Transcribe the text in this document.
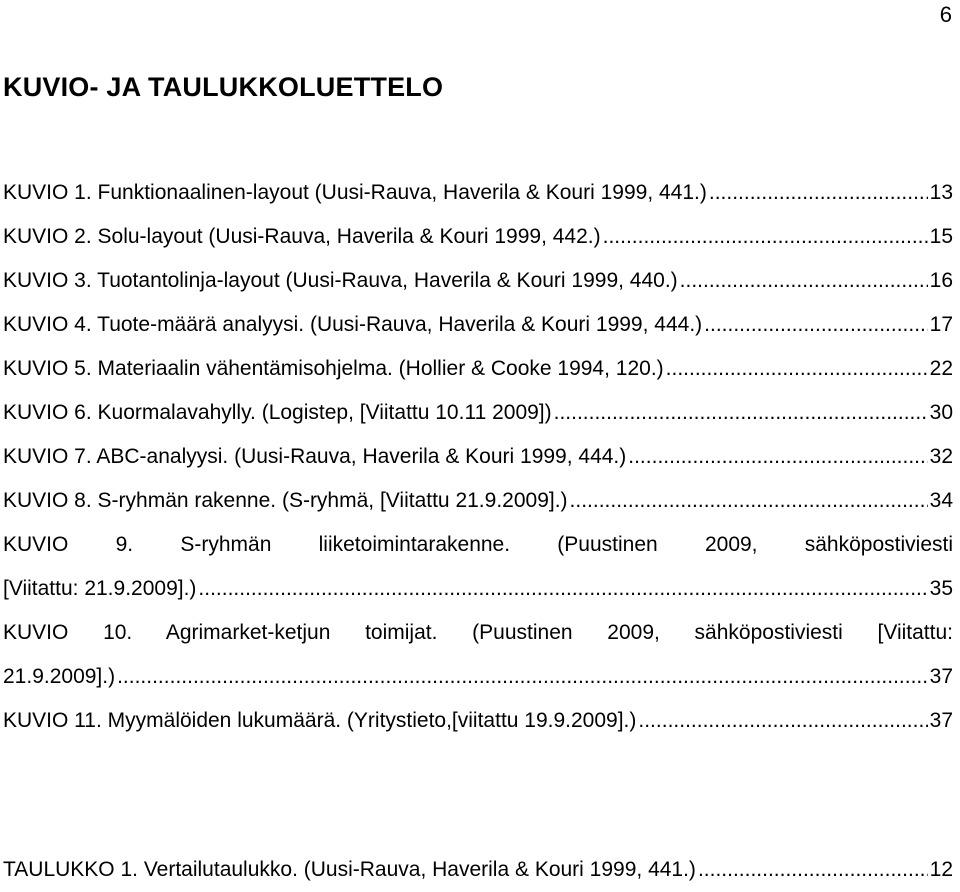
6
KUVIO- JA TAULUKKOLUETTELO
KUVIO 1. Funktionaalinen-layout (Uusi-Rauva, Haverila & Kouri 1999, 441.) .....	13
KUVIO 2. Solu-layout (Uusi-Rauva, Haverila & Kouri 1999, 442.) .....	15
KUVIO 3. Tuotantolinja-layout (Uusi-Rauva, Haverila & Kouri 1999, 440.) .....	16
KUVIO 4. Tuote-määrä analyysi. (Uusi-Rauva, Haverila & Kouri 1999, 444.) .....	17
KUVIO 5. Materiaalin vähentämisohjelma. (Hollier & Cooke 1994, 120.) .....	22
KUVIO 6. Kuormalavahylly. (Logistep, [Viitattu 10.11 2009]) .....	30
KUVIO 7. ABC-analyysi. (Uusi-Rauva, Haverila & Kouri 1999, 444.) .....	32
KUVIO 8. S-ryhmän rakenne. (S-ryhmä, [Viitattu 21.9.2009].) .....	34
KUVIO 9. S-ryhmän liiketoimintarakenne. (Puustinen 2009, sähköpostiviesti
[Viitattu: 21.9.2009].) .....	35
KUVIO 10. Agrimarket-ketjun toimijat. (Puustinen 2009, sähköpostiviesti [Viitattu:
21.9.2009].) .....	37
KUVIO 11. Myymälöiden lukumäärä. (Yritystieto,[viitattu 19.9.2009].) .....	37
TAULUKKO 1. Vertailutaulukko. (Uusi-Rauva, Haverila & Kouri 1999, 441.) .....	12
